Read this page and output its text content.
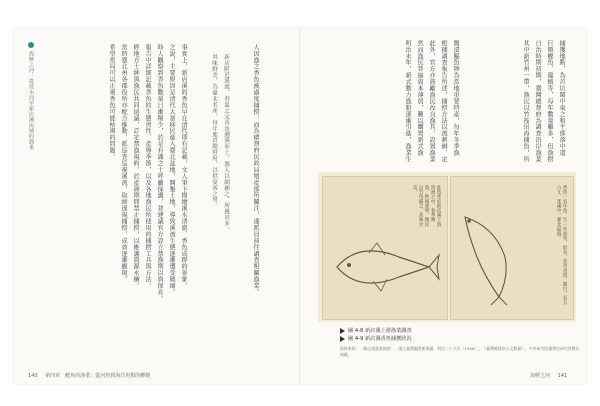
捕獲地點，為首坑閩中東之和平部落中道
巨額鰹魚、龍蝦等，每年數量雖多，但漁撈
日治時期初期，臺灣總督府為調查沿岸漁業
其中新竹州一帶，漁民以竹筏出海捕魚，所
鹽漬鯔魚卵為當地重要特產，每年冬季漁
根據調查報告所述，捕撈方法以流刺網、定
此外，官方亦鼓勵漁民改良漁具，設置漁業
然而漁民普遍資本薄弱，難以購置新式漁
明治末年，新式動力漁船逐漸引進，漁業生
人因漁之香魚被過度捕撈，而為總督府民政局殖產部所關注，遂派員前往調查相關漁業。
新店附近溪流，春夏之交香魚溯溪而上，漁人以網捕之，所獲甚多。
其味鮮美，為臺北名產，每年進貢總督府，以供宴客之用。
事實上，新店溪的香魚早在清代即有記載，文人筆下描繪溪水清澈、香魚成群的景象。
之說，主要原因是清代大量移民進入臺北盆地，開墾土地，導致溪流生態逐漸遭受破壞。
時人觀察到香魚數量日漸稀少，於是有識之士呼籲保護，並建議官方設立禁漁期以資保育。
報告中詳細記載香魚的生態習性、產卵季節，以及各地漁民所使用的捕撈工具與方法。
經地方士紳與漁民共同協議，訂定禁漁規約，於產卵期間禁止捕撈，以維護資源永續。
當時臺北州各郡役所亦配合推動，派巡查巡視溪流，取締違規捕撈，成效逐漸顯現。
希望當局可以正視香魚可能枯竭的問題。
海鮮之河：從淡水河至新店溪流域的漁業
此魚產於新店溪上游清流之中，春季溯游，秋後產卵，漁民以竹筏捕之，其味甘美。	香魚一名年魚，生一年而死，故名。其背青黑，腹白，長五六寸，產溪中，臺北最盛。
圖 4-8 新店溪上游漁業調查
圖 4-9 新店溪香魚捕獲狀況
資料來源：〈新店溪漁業調查〉，國立臺灣圖書館典藏，明治三十九年（1906），《臺灣總督府公文類纂》。中央研究院臺灣史研究所數位典藏。
140 第四章　鰹魚的漁業：從河魚到海洋魚類的轉變	海鮮之河 141
